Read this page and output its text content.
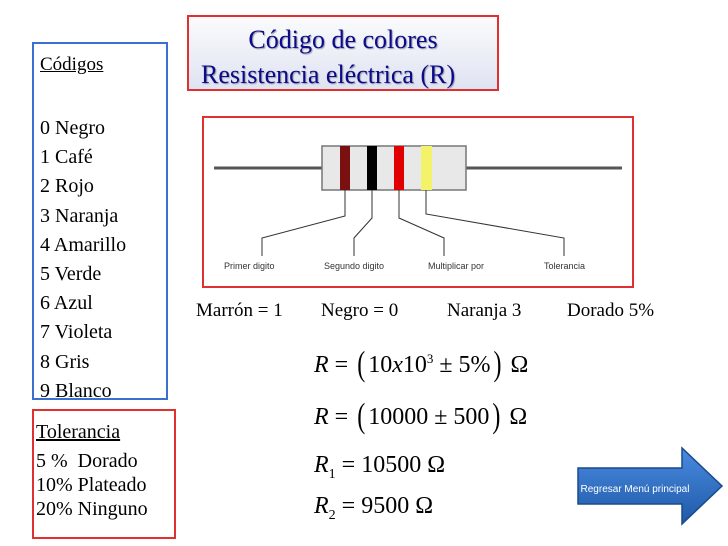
Código de colores
Resistencia eléctrica (R)
Códigos
0 Negro
1 Café
2 Rojo
3 Naranja
4 Amarillo
5 Verde
6 Azul
7 Violeta
8 Gris
9 Blanco
Tolerancia
5 %  Dorado
10% Plateado
20% Ninguno
Primer digito	Segundo digito	Multiplicar por	Tolerancia
Marrón = 1 Negro = 0	Naranja 3 Dorado 5%
R = ( $10x10^3 \pm 5\%$ ) Ω
R = ( 10000 ± 500 ) Ω
$R_1 = 10500$ Ω
$R_2 = 9500$ Ω
Regresar Menú principal
